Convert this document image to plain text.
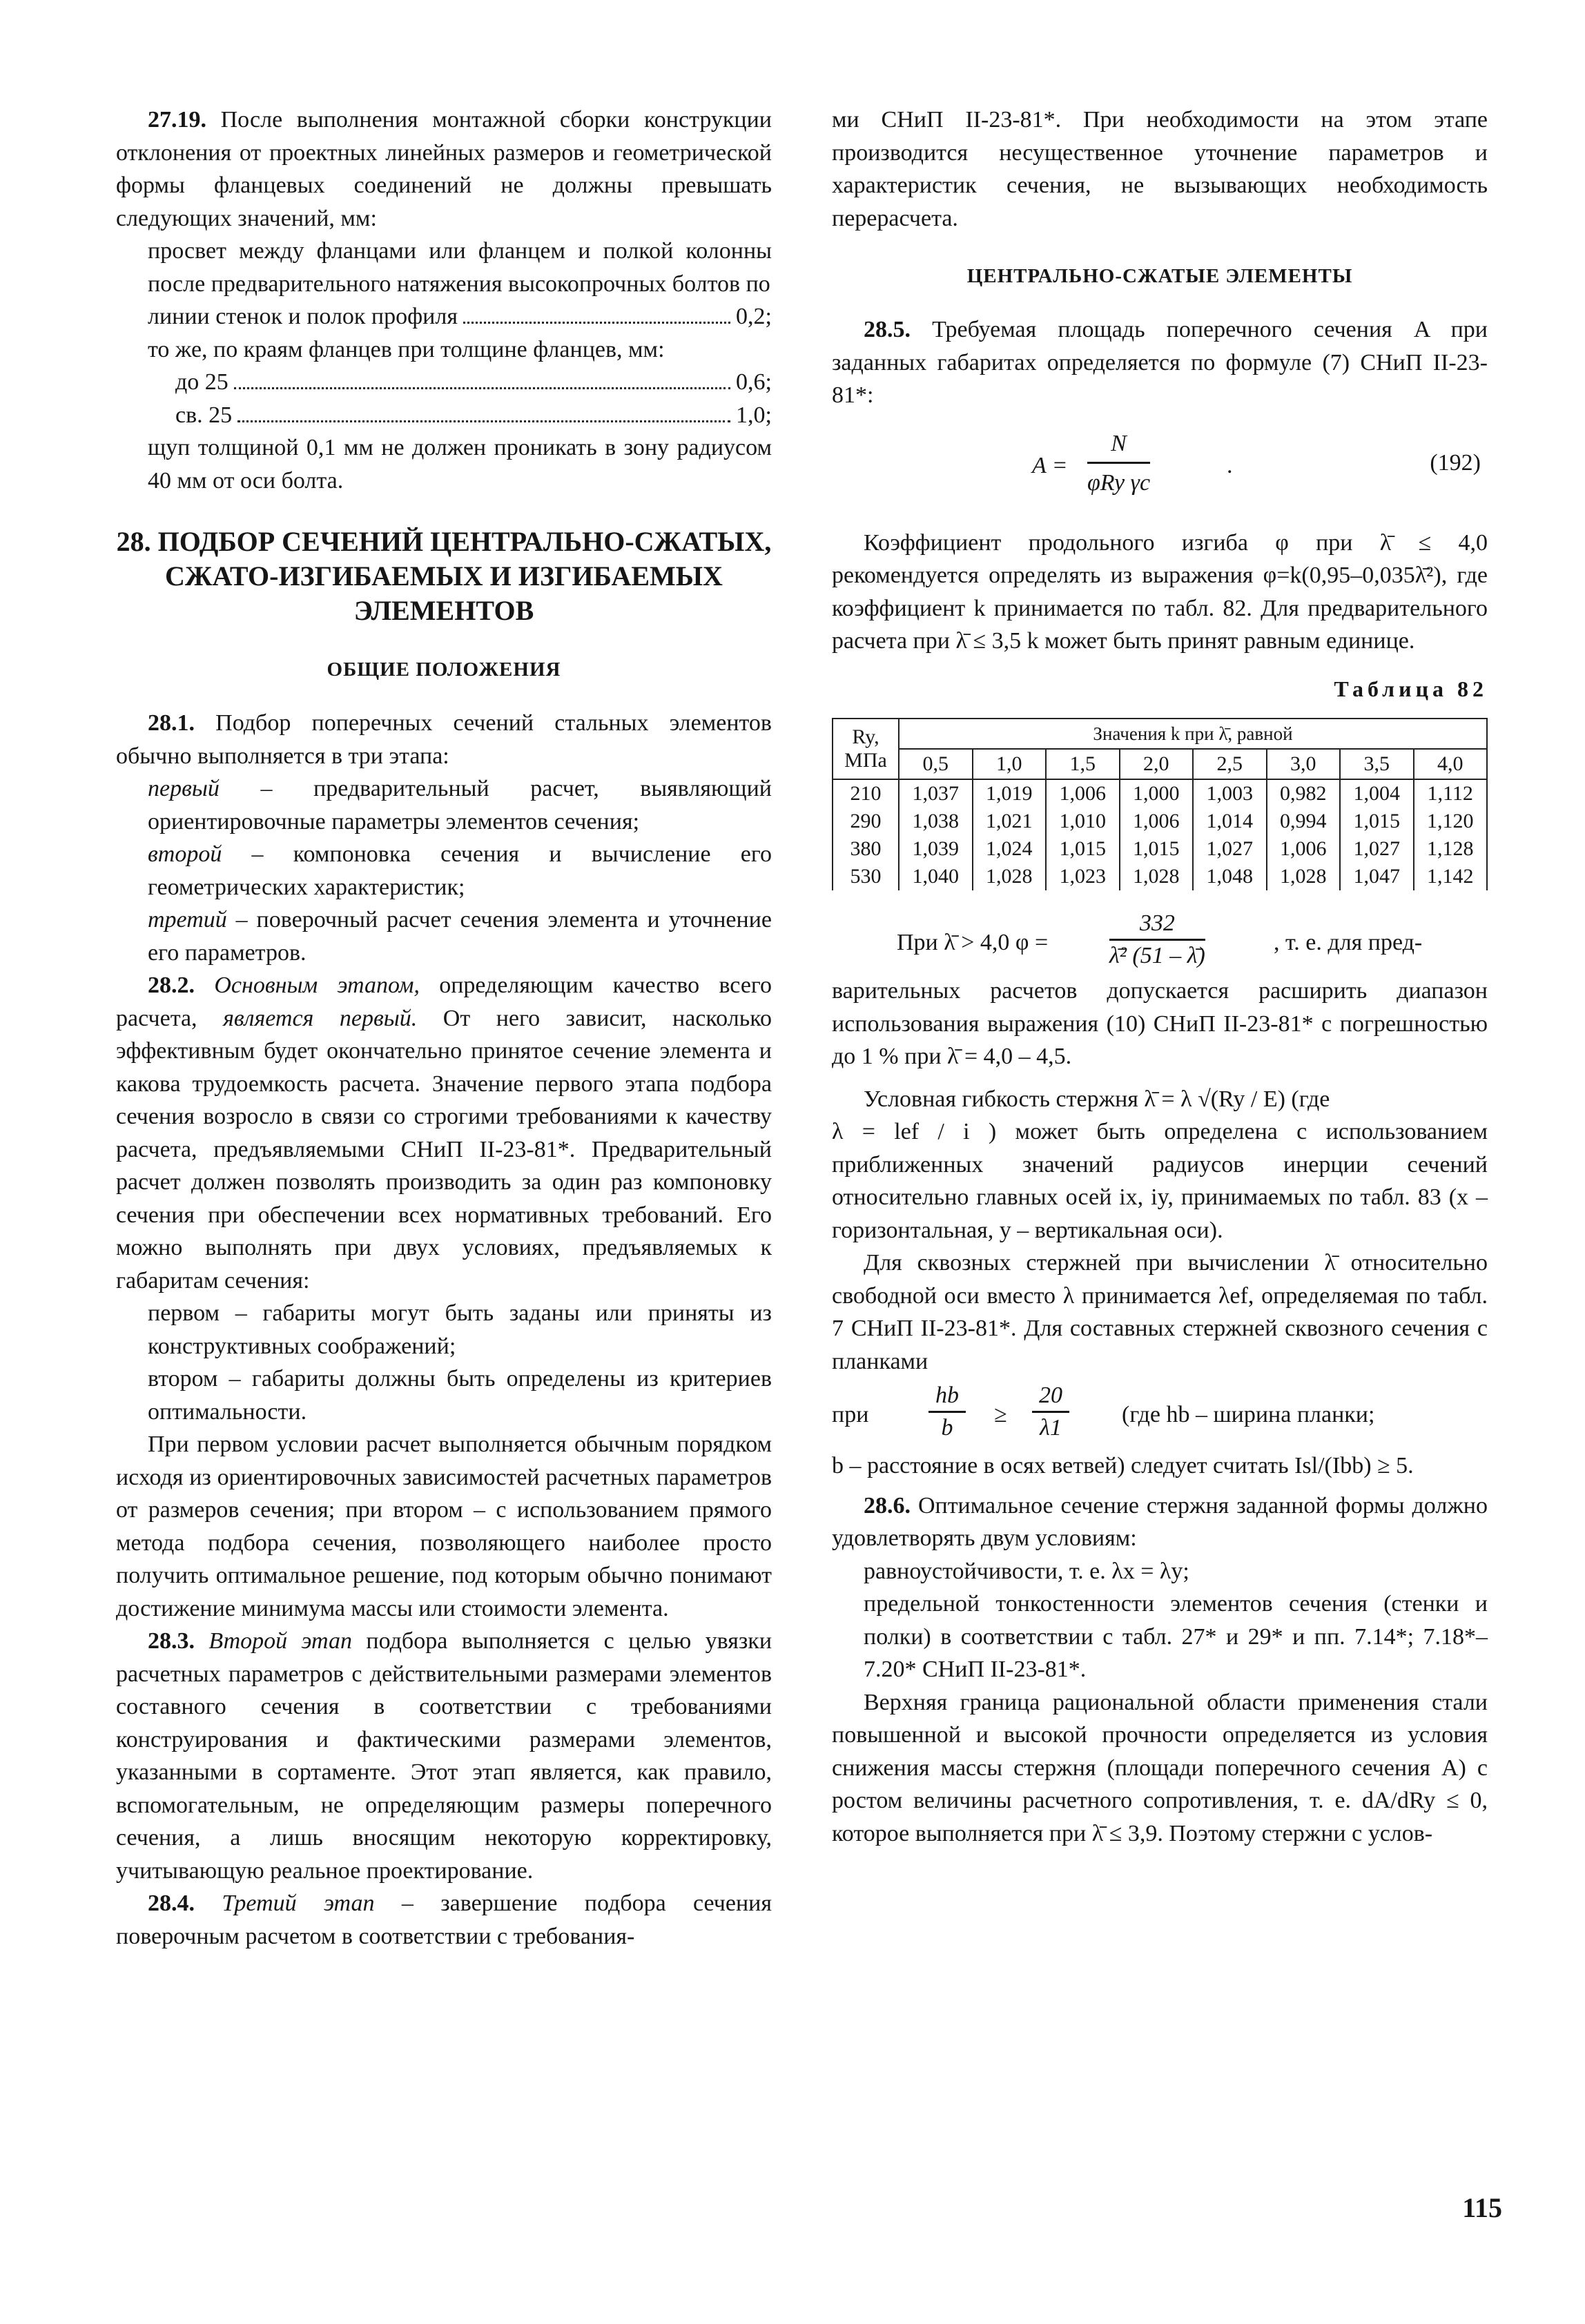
27.19. После выполнения монтажной сборки конструкции отклонения от проектных линейных размеров и геометрической формы фланцевых соединений не должны превышать следующих значений, мм:

просвет между фланцами или фланцем и полкой колонны после предварительного натяжения высокопрочных болтов по

линии стенок и полок профиля	0,2;

то же, по краям фланцев при толщине фланцев, мм:

до 25	0,6;
св. 25	1,0;

щуп толщиной 0,1 мм не должен проникать в зону радиусом 40 мм от оси болта.

28. ПОДБОР СЕЧЕНИЙ ЦЕНТРАЛЬНО-СЖАТЫХ, СЖАТО-ИЗГИБАЕМЫХ И ИЗГИБАЕМЫХ ЭЛЕМЕНТОВ
ОБЩИЕ ПОЛОЖЕНИЯ

28.1. Подбор поперечных сечений стальных элементов обычно выполняется в три этапа:

первый – предварительный расчет, выявляющий ориентировочные параметры элементов сечения;

второй – компоновка сечения и вычисление его геометрических характеристик;

третий – поверочный расчет сечения элемента и уточнение его параметров.

28.2. Основным этапом, определяющим качество всего расчета, является первый. От него зависит, насколько эффективным будет окончательно принятое сечение элемента и какова трудоемкость расчета. Значение первого этапа подбора сечения возросло в связи со строгими требованиями к качеству расчета, предъявляемыми СНиП II-23-81*. Предварительный расчет должен позволять производить за один раз компоновку сечения при обеспечении всех нормативных требований. Его можно выполнять при двух условиях, предъявляемых к габаритам сечения:

первом – габариты могут быть заданы или приняты из конструктивных соображений;

втором – габариты должны быть определены из критериев оптимальности.

При первом условии расчет выполняется обычным порядком исходя из ориентировочных зависимостей расчетных параметров от размеров сечения; при втором – с использованием прямого метода подбора сечения, позволяющего наиболее просто получить оптимальное решение, под которым обычно понимают достижение минимума массы или стоимости элемента.

28.3. Второй этап подбора выполняется с целью увязки расчетных параметров с действительными размерами элементов составного сечения в соответствии с требованиями конструирования и фактическими размерами элементов, указанными в сортаменте. Этот этап является, как правило, вспомогательным, не определяющим размеры поперечного сечения, а лишь вносящим некоторую корректировку, учитывающую реальное проектирование.

28.4. Третий этап – завершение подбора сечения поверочным расчетом в соответствии с требования-

ми СНиП II-23-81*. При необходимости на этом этапе производится несущественное уточнение параметров и характеристик сечения, не вызывающих необходимость перерасчета.

ЦЕНТРАЛЬНО-СЖАТЫЕ ЭЛЕМЕНТЫ

28.5. Требуемая площадь поперечного сечения A при заданных габаритах определяется по формуле (7) СНиП II-23-81*:

A =
N
φRy γc
.	(192)

Коэффициент продольного изгиба φ при λ̄ ≤ 4,0 рекомендуется определять из выражения φ=k(0,95–0,035λ̄²), где коэффициент k принимается по табл. 82. Для предварительного расчета при λ̄ ≤ 3,5 k может быть принят равным единице.

Таблица 82
Ry, МПа	Значения k при λ̄, равной							
	0,5	1,0	1,5	2,0	2,5	3,0	3,5	4,0
210	1,037	1,019	1,006	1,000	1,003	0,982	1,004	1,112
290	1,038	1,021	1,010	1,006	1,014	0,994	1,015	1,120
380	1,039	1,024	1,015	1,015	1,027	1,006	1,027	1,128
530	1,040	1,028	1,023	1,028	1,048	1,028	1,047	1,142
При λ̄ > 4,0 φ =	$\frac{332}{\text{λ̄² (51 – λ̄)}}$	, т. е. для пред-

варительных расчетов допускается расширить диапазон использования выражения (10) СНиП II-23-81* с погрешностью до 1 % при λ̄ = 4,0 – 4,5.

Условная гибкость стержня λ̄ = λ √(Ry / E) (где

λ = lef / i ) может быть определена с использованием приближенных значений радиусов инерции сечений относительно главных осей ix, iy, принимаемых по табл. 83 (x – горизонтальная, y – вертикальная оси).

Для сквозных стержней при вычислении λ̄ относительно свободной оси вместо λ принимается λef, определяемая по табл. 7 СНиП II-23-81*. Для составных стержней сквозного сечения с планками

при	$\frac{hb}{b} \ge \frac{20}{\lambda 1} (где$ hb – ширина планки;

b – расстояние в осях ветвей) следует считать Isl/(Ibb) ≥ 5.

28.6. Оптимальное сечение стержня заданной формы должно удовлетворять двум условиям:

равноустойчивости, т. е. λx = λy;

предельной тонкостенности элементов сечения (стенки и полки) в соответствии с табл. 27* и 29* и пп. 7.14*; 7.18*–7.20* СНиП II-23-81*.

Верхняя граница рациональной области применения стали повышенной и высокой прочности определяется из условия снижения массы стержня (площади поперечного сечения A) с ростом величины расчетного сопротивления, т. е. dA/dRy ≤ 0, которое выполняется при λ̄ ≤ 3,9. Поэтому стержни с услов-

115
